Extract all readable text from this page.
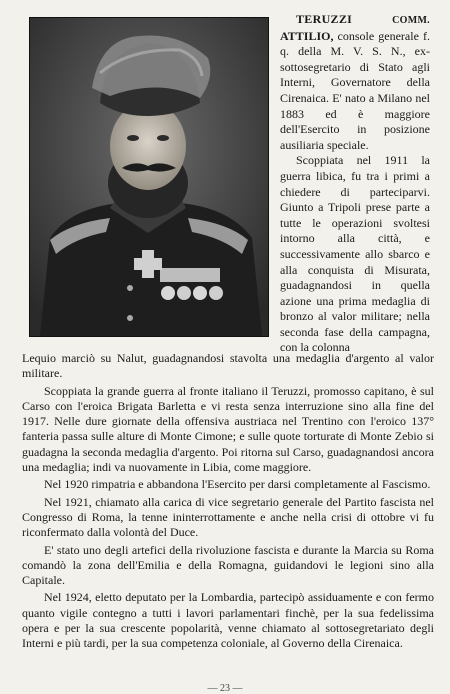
TERUZZI	COMM. ATTILIO, console generale f. q. della M. V. S. N., ex-sottosegretario di Stato agli Interni, Governatore della Cirenaica. E' nato a Milano nel 1883 ed è maggiore dell'Esercito in posizione ausiliaria speciale.

Scoppiata nel 1911 la guerra libica, fu tra i primi a chiedere di parteciparvi. Giunto a Tripoli prese parte a tutte le operazioni svoltesi intorno alla città, e successivamente allo sbarco e alla conquista di Misurata, guadagnandosi in quella azione una prima medaglia di bronzo al valor militare; nella seconda fase della campagna, con la colonna

Lequio marciò su Nalut, guadagnandosi stavolta una medaglia d'argento al valor militare.

Scoppiata la grande guerra al fronte italiano il Teruzzi, promosso capitano, è sul Carso con l'eroica Brigata Barletta e vi resta senza interruzione sino alla fine del 1917. Nelle dure giornate della offensiva austriaca nel Trentino con l'eroico 137° fanteria passa sulle alture di Monte Cimone; e sulle quote torturate di Monte Zebio si guadagna la seconda medaglia d'argento. Poi ritorna sul Carso, guadagnandosi ancora una medaglia; indi va nuovamente in Libia, come maggiore.

Nel 1920 rimpatria e abbandona l'Esercito per darsi completamente al Fascismo.

Nel 1921, chiamato alla carica di vice segretario generale del Partito fascista nel Congresso di Roma, la tenne ininterrottamente e anche nella crisi di ottobre vi fu riconfermato dalla volontà del Duce.

E' stato uno degli artefici della rivoluzione fascista e durante la Marcia su Roma comandò la zona dell'Emilia e della Romagna, guidandovi le legioni sino alla Capitale.

Nel 1924, eletto deputato per la Lombardia, partecipò assiduamente e con fermo quanto vigile contegno a tutti i lavori parlamentari finchè, per la sua fedelissima opera e per la sua crescente popolarità, venne chiamato al sottosegretariato degli Interni e più tardi, per la sua competenza coloniale, al Governo della Cirenaica.

— 23 —
